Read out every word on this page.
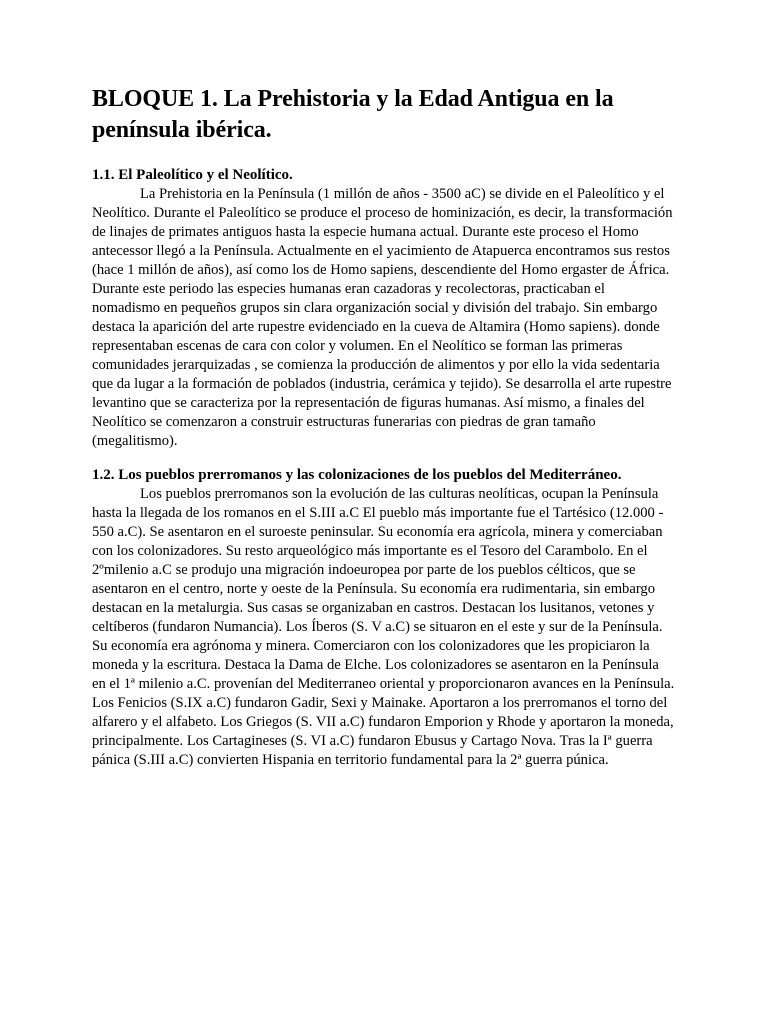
BLOQUE 1. La Prehistoria y la Edad Antigua en la península ibérica.
1.1. El Paleolítico y el Neolítico.

La Prehistoria en la Península (1 millón de años - 3500 aC) se divide en el Paleolítico y el Neolítico. Durante el Paleolítico se produce el proceso de hominización, es decir, la transformación de linajes de primates antiguos hasta la especie humana actual. Durante este proceso el Homo antecessor llegó a la Península. Actualmente en el yacimiento de Atapuerca encontramos sus restos (hace 1 millón de años), así como los de Homo sapiens, descendiente del Homo ergaster de África. Durante este periodo las especies humanas eran cazadoras y recolectoras, practicaban el nomadismo en pequeños grupos sin clara organización social y división del trabajo. Sin embargo destaca la aparición del arte rupestre evidenciado en la cueva de Altamira (Homo sapiens). donde representaban escenas de cara con color y volumen. En el Neolítico se forman las primeras comunidades jerarquizadas , se comienza la producción de alimentos y por ello la vida sedentaria que da lugar a la formación de poblados (industria, cerámica y tejido). Se desarrolla el arte rupestre levantino que se caracteriza por la representación de figuras humanas. Así mismo, a finales del Neolítico se comenzaron a construir estructuras funerarias con piedras de gran tamaño (megalitismo).

1.2. Los pueblos prerromanos y las colonizaciones de los pueblos del Mediterráneo.

Los pueblos prerromanos son la evolución de las culturas neolíticas, ocupan la Península hasta la llegada de los romanos en el S.III a.C El pueblo más importante fue el Tartésico (12.000 - 550 a.C). Se asentaron en el suroeste peninsular. Su economía era agrícola, minera y comerciaban con los colonizadores. Su resto arqueológico más importante es el Tesoro del Carambolo. En el 2ºmilenio a.C se produjo una migración indoeuropea por parte de los pueblos célticos, que se asentaron en el centro, norte y oeste de la Península. Su economía era rudimentaria, sin embargo destacan en la metalurgia. Sus casas se organizaban en castros. Destacan los lusitanos, vetones y celtíberos (fundaron Numancia). Los Íberos (S. V a.C) se situaron en el este y sur de la Península. Su economía era agrónoma y minera. Comerciaron con los colonizadores que les propiciaron la moneda y la escritura. Destaca la Dama de Elche. Los colonizadores se asentaron en la Península en el 1ª milenio a.C. provenían del Mediterraneo oriental y proporcionaron avances en la Península. Los Fenicios (S.IX a.C) fundaron Gadir, Sexi y Mainake. Aportaron a los prerromanos el torno del alfarero y el alfabeto. Los Griegos (S. VII a.C) fundaron Emporion y Rhode y aportaron la moneda, principalmente. Los Cartagineses (S. VI a.C) fundaron Ebusus y Cartago Nova. Tras la Iª guerra pánica (S.III a.C) convierten Hispania en territorio fundamental para la 2ª guerra púnica.
